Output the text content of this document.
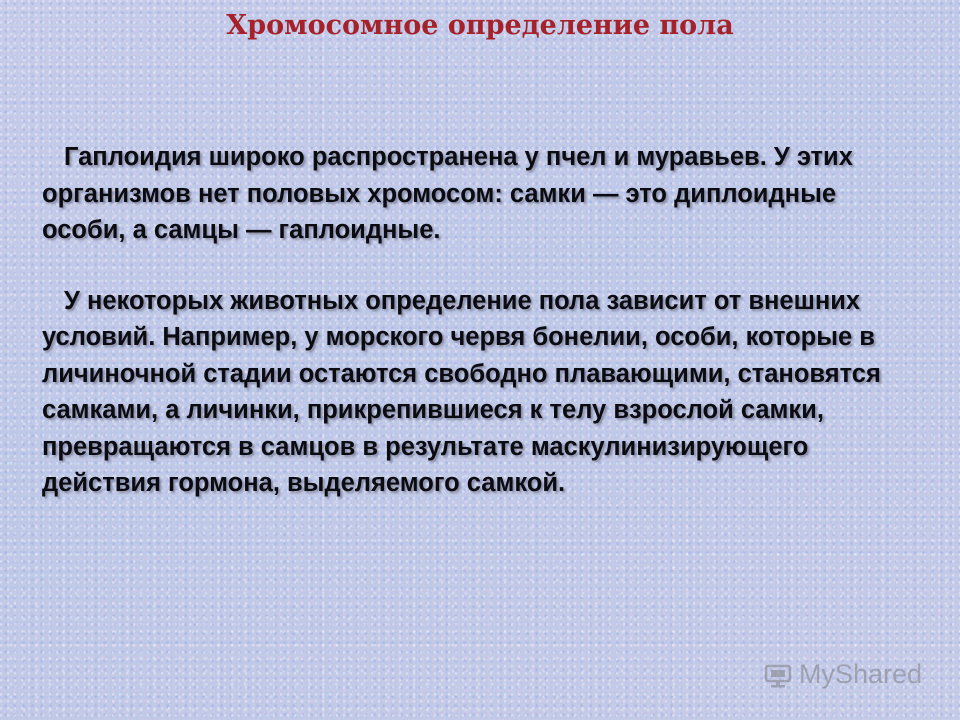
Хромосомное определение пола

Гаплоидия широко распространена у пчел и муравьев. У этих организмов нет половых хромосом: самки — это диплоидные особи, а самцы — гаплоидные.

У некоторых животных определение пола зависит от внешних условий. Например, у морского червя бонелии, особи, которые в личиночной стадии остаются свободно плавающими, становятся самками, а личинки, прикрепившиеся к телу взрослой самки, превращаются в самцов в результате маскулинизирующего действия гормона, выделяемого самкой.

MyShared
